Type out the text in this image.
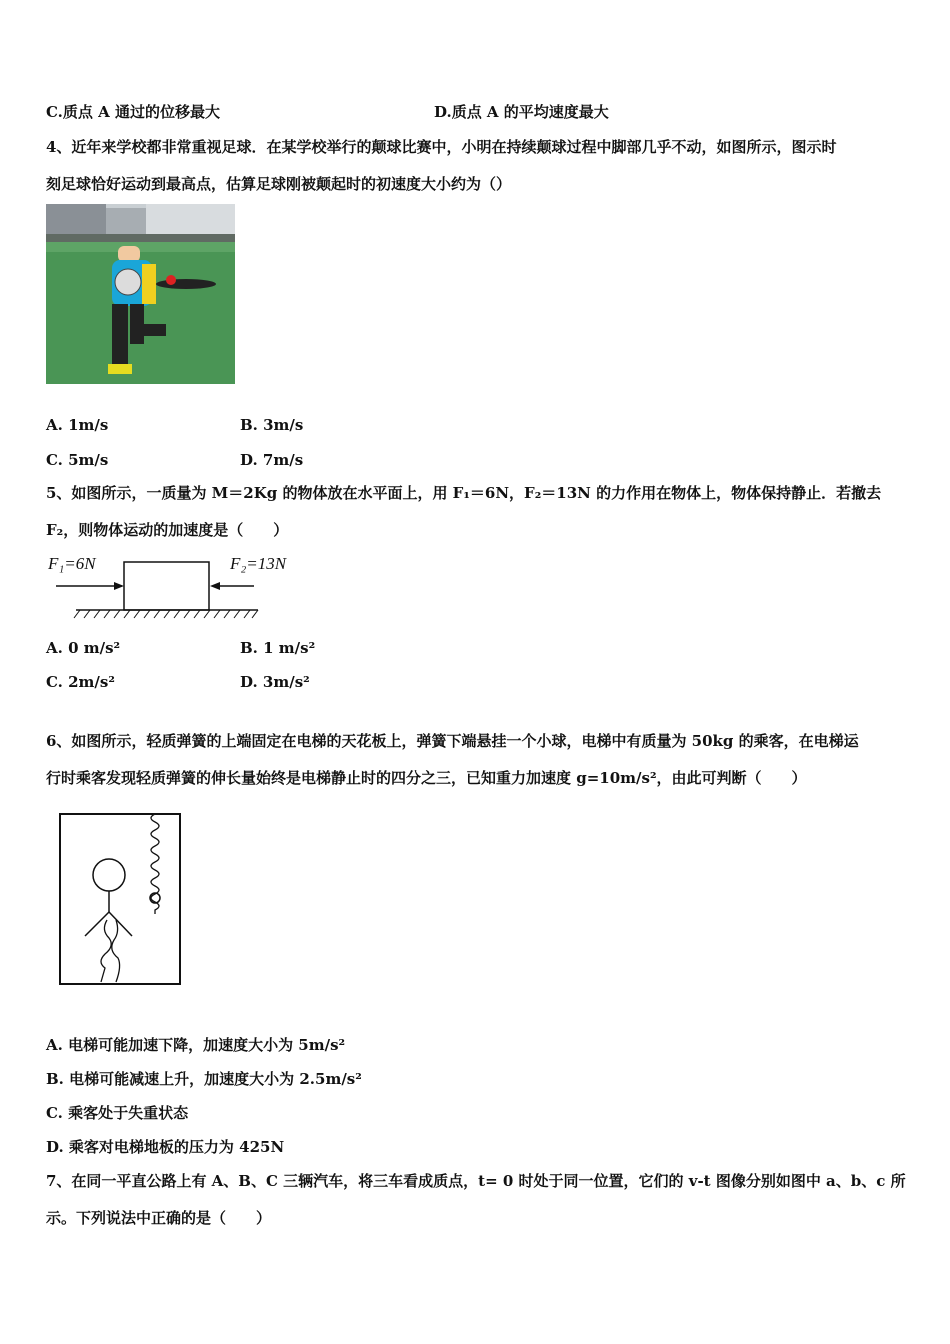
C.质点 A 通过的位移最大	D.质点 A 的平均速度最大
4、近年来学校都非常重视足球．在某学校举行的颠球比赛中，小明在持续颠球过程中脚部几乎不动，如图所示，图示时
刻足球恰好运动到最高点，估算足球刚被颠起时的初速度大小约为（）
A. 1m/s	B. 3m/s
C. 5m/s	D. 7m/s
5、如图所示，一质量为 M＝2Kg 的物体放在水平面上，用 F₁＝6N，F₂＝13N 的力作用在物体上，物体保持静止．若撤去
F₂，则物体运动的加速度是（　　）
F₁=6N	F₂=13N
A. 0 m/s²	B. 1 m/s²
C. 2m/s²	D. 3m/s²
6、如图所示，轻质弹簧的上端固定在电梯的天花板上，弹簧下端悬挂一个小球，电梯中有质量为 50kg 的乘客，在电梯运
行时乘客发现轻质弹簧的伸长量始终是电梯静止时的四分之三，已知重力加速度 g=10m/s²，由此可判断（　　）
A. 电梯可能加速下降，加速度大小为 5m/s²
B. 电梯可能减速上升，加速度大小为 2.5m/s²
C. 乘客处于失重状态
D. 乘客对电梯地板的压力为 425N
7、在同一平直公路上有 A、B、C 三辆汽车，将三车看成质点，t= 0 时处于同一位置，它们的 v-t 图像分别如图中 a、b、c 所
示。下列说法中正确的是（　　）
